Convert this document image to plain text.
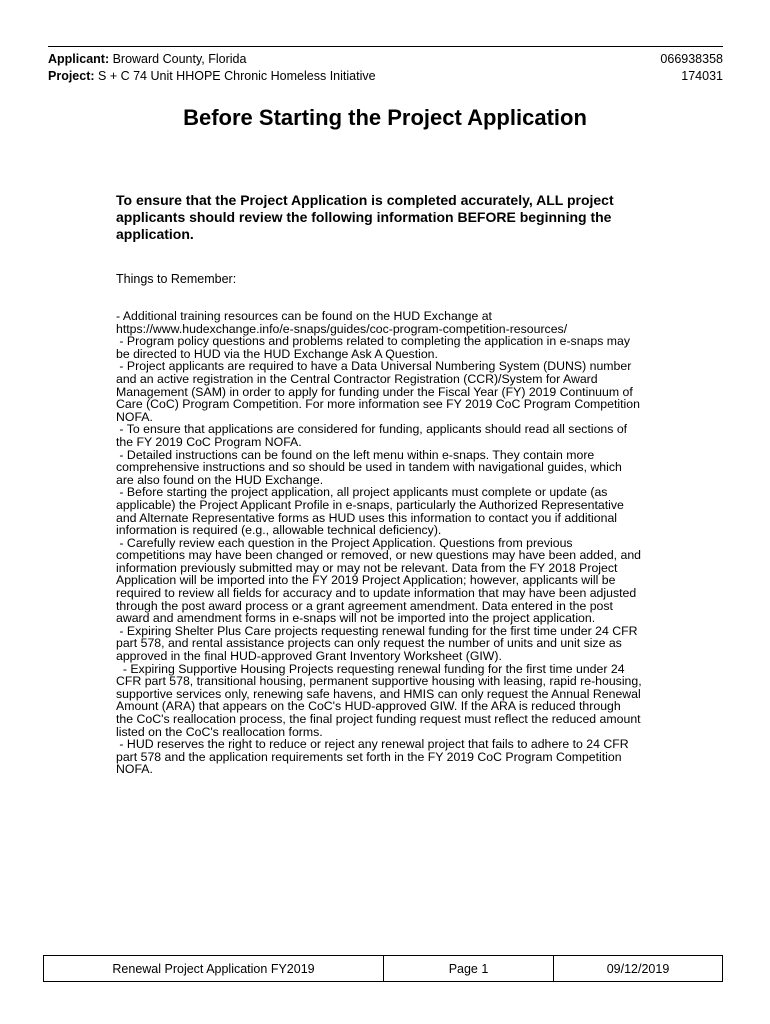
Applicant: Broward County, Florida
Project: S + C 74 Unit HHOPE Chronic Homeless Initiative
066938358
174031
Before Starting the Project Application
To ensure that the Project Application is completed accurately, ALL project applicants should review the following information BEFORE beginning the application.
Things to Remember:
- Additional training resources can be found on the HUD Exchange at
https://www.hudexchange.info/e-snaps/guides/coc-program-competition-resources/
- Program policy questions and problems related to completing the application in e-snaps may
be directed to HUD via the HUD Exchange Ask A Question.
- Project applicants are required to have a Data Universal Numbering System (DUNS) number
and an active registration in the Central Contractor Registration (CCR)/System for Award
Management (SAM) in order to apply for funding under the Fiscal Year (FY) 2019 Continuum of
Care (CoC) Program Competition. For more information see FY 2019 CoC Program Competition
NOFA.
- To ensure that applications are considered for funding, applicants should read all sections of
the FY 2019 CoC Program NOFA.
- Detailed instructions can be found on the left menu within e-snaps. They contain more
comprehensive instructions and so should be used in tandem with navigational guides, which
are also found on the HUD Exchange.
- Before starting the project application, all project applicants must complete or update (as
applicable) the Project Applicant Profile in e-snaps, particularly the Authorized Representative
and Alternate Representative forms as HUD uses this information to contact you if additional
information is required (e.g., allowable technical deficiency).
- Carefully review each question in the Project Application. Questions from previous
competitions may have been changed or removed, or new questions may have been added, and
information previously submitted may or may not be relevant. Data from the FY 2018 Project
Application will be imported into the FY 2019 Project Application; however, applicants will be
required to review all fields for accuracy and to update information that may have been adjusted
through the post award process or a grant agreement amendment. Data entered in the post
award and amendment forms in e-snaps will not be imported into the project application.
- Expiring Shelter Plus Care projects requesting renewal funding for the first time under 24 CFR
part 578, and rental assistance projects can only request the number of units and unit size as
approved in the final HUD-approved Grant Inventory Worksheet (GIW).
- Expiring Supportive Housing Projects requesting renewal funding for the first time under 24
CFR part 578, transitional housing, permanent supportive housing with leasing, rapid re-housing,
supportive services only, renewing safe havens, and HMIS can only request the Annual Renewal
Amount (ARA) that appears on the CoC's HUD-approved GIW. If the ARA is reduced through
the CoC's reallocation process, the final project funding request must reflect the reduced amount
listed on the CoC's reallocation forms.
- HUD reserves the right to reduce or reject any renewal project that fails to adhere to 24 CFR
part 578 and the application requirements set forth in the FY 2019 CoC Program Competition
NOFA.
Renewal Project Application FY2019	Page 1	09/12/2019
